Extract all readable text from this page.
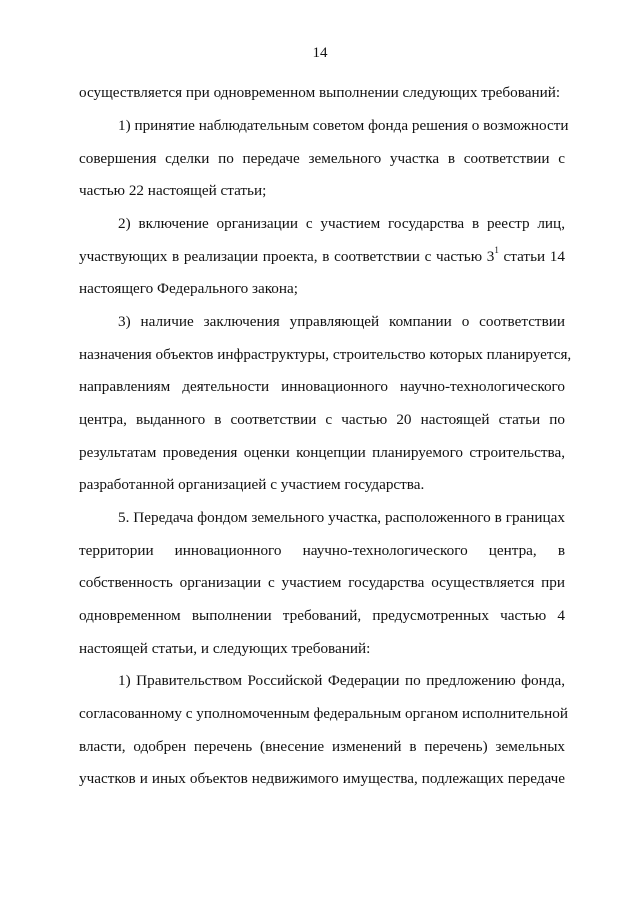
14
осуществляется при одновременном выполнении следующих требований:
1) принятие наблюдательным советом фонда решения о возможности
совершения сделки по передаче земельного участка в соответствии с
частью 22 настоящей статьи;
2) включение организации с участием государства в реестр лиц,
участвующих в реализации проекта, в соответствии с частью $3^1$ статьи 14
настоящего Федерального закона;
3) наличие заключения управляющей компании о соответствии
назначения объектов инфраструктуры, строительство которых планируется,
направлениям деятельности инновационного научно-технологического
центра, выданного в соответствии с частью 20 настоящей статьи по
результатам проведения оценки концепции планируемого строительства,
разработанной организацией с участием государства.
5. Передача фондом земельного участка, расположенного в границах
территории инновационного научно-технологического центра, в
собственность организации с участием государства осуществляется при
одновременном выполнении требований, предусмотренных частью 4
настоящей статьи, и следующих требований:
1) Правительством Российской Федерации по предложению фонда,
согласованному с уполномоченным федеральным органом исполнительной
власти, одобрен перечень (внесение изменений в перечень) земельных
участков и иных объектов недвижимого имущества, подлежащих передаче
